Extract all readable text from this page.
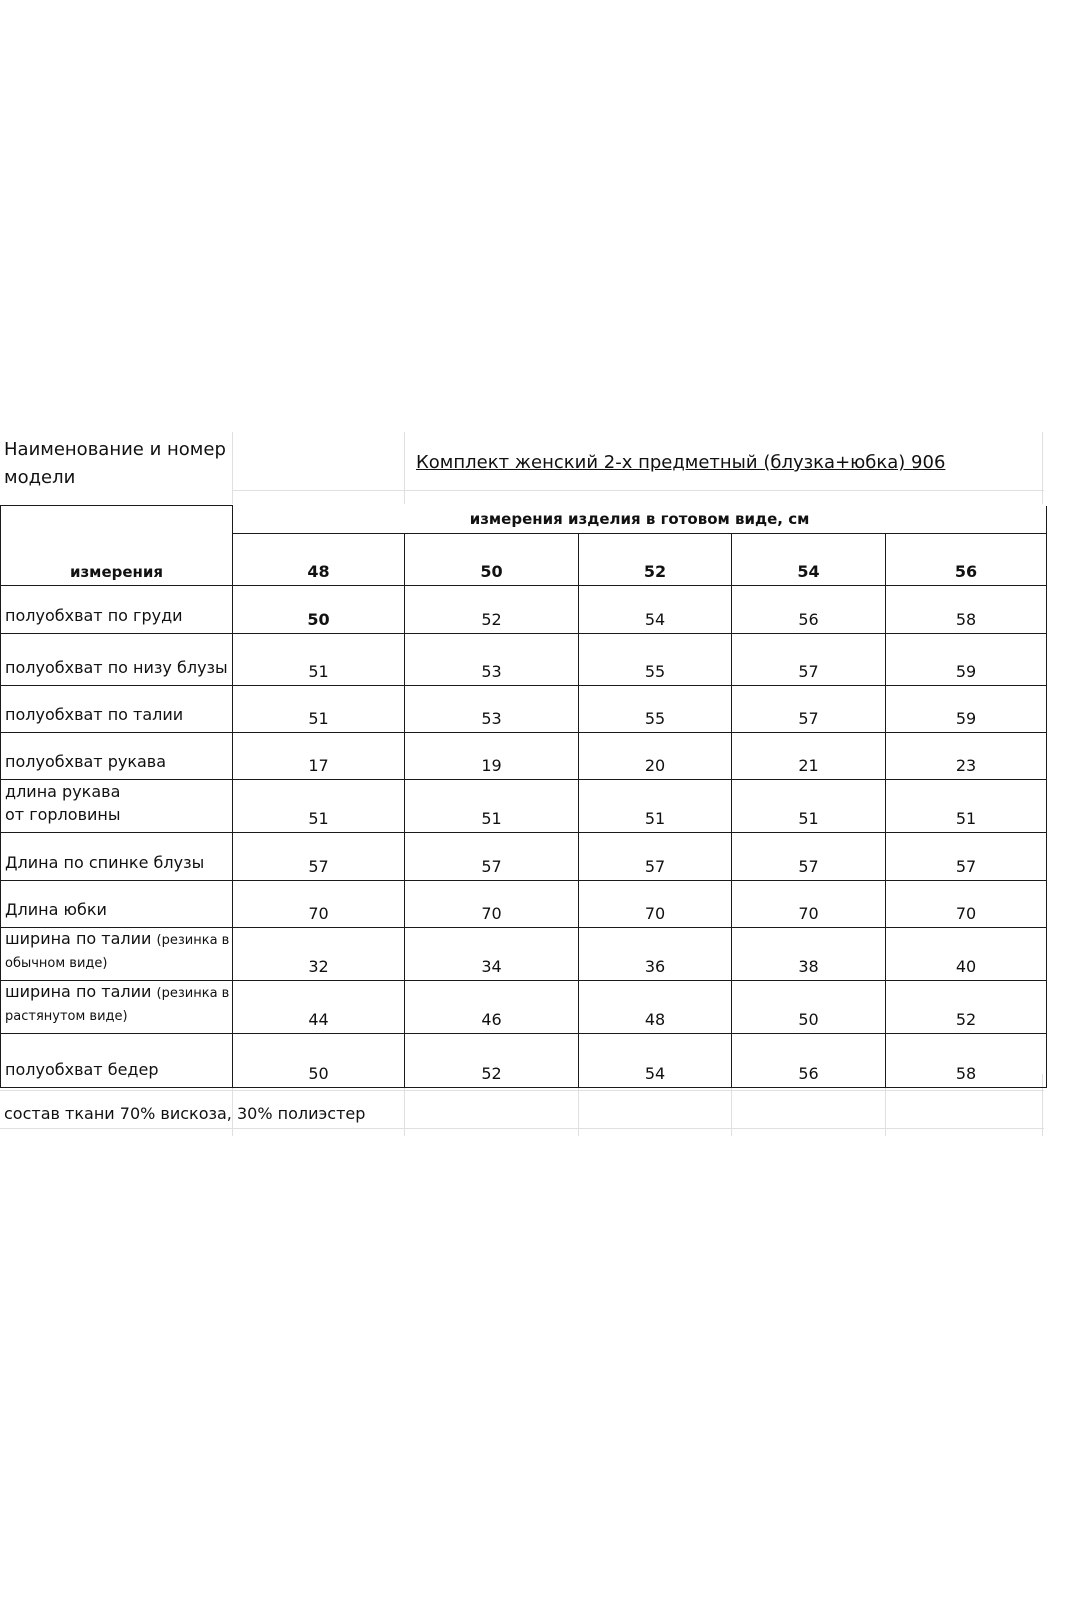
Наименование и номер
модели
Комплект женский 2-х предметный (блузка+юбка) 906
измерения	измерения изделия в готовом виде, см				
	48	50	52	54	56
полуобхват по груди	50	52	54	56	58
полуобхват по низу блузы	51	53	55	57	59
полуобхват по талии	51	53	55	57	59
полуобхват рукава	17	19	20	21	23
длина рукава от горловины	51	51	51	51	51
Длина по спинке блузы	57	57	57	57	57
Длина юбки	70	70	70	70	70
ширина по талии (резинка в обычном виде)	32	34	36	38	40
ширина по талии (резинка в растянутом виде)	44	46	48	50	52
полуобхват бедер	50	52	54	56	58
состав ткани 70% вискоза, 30% полиэстер
